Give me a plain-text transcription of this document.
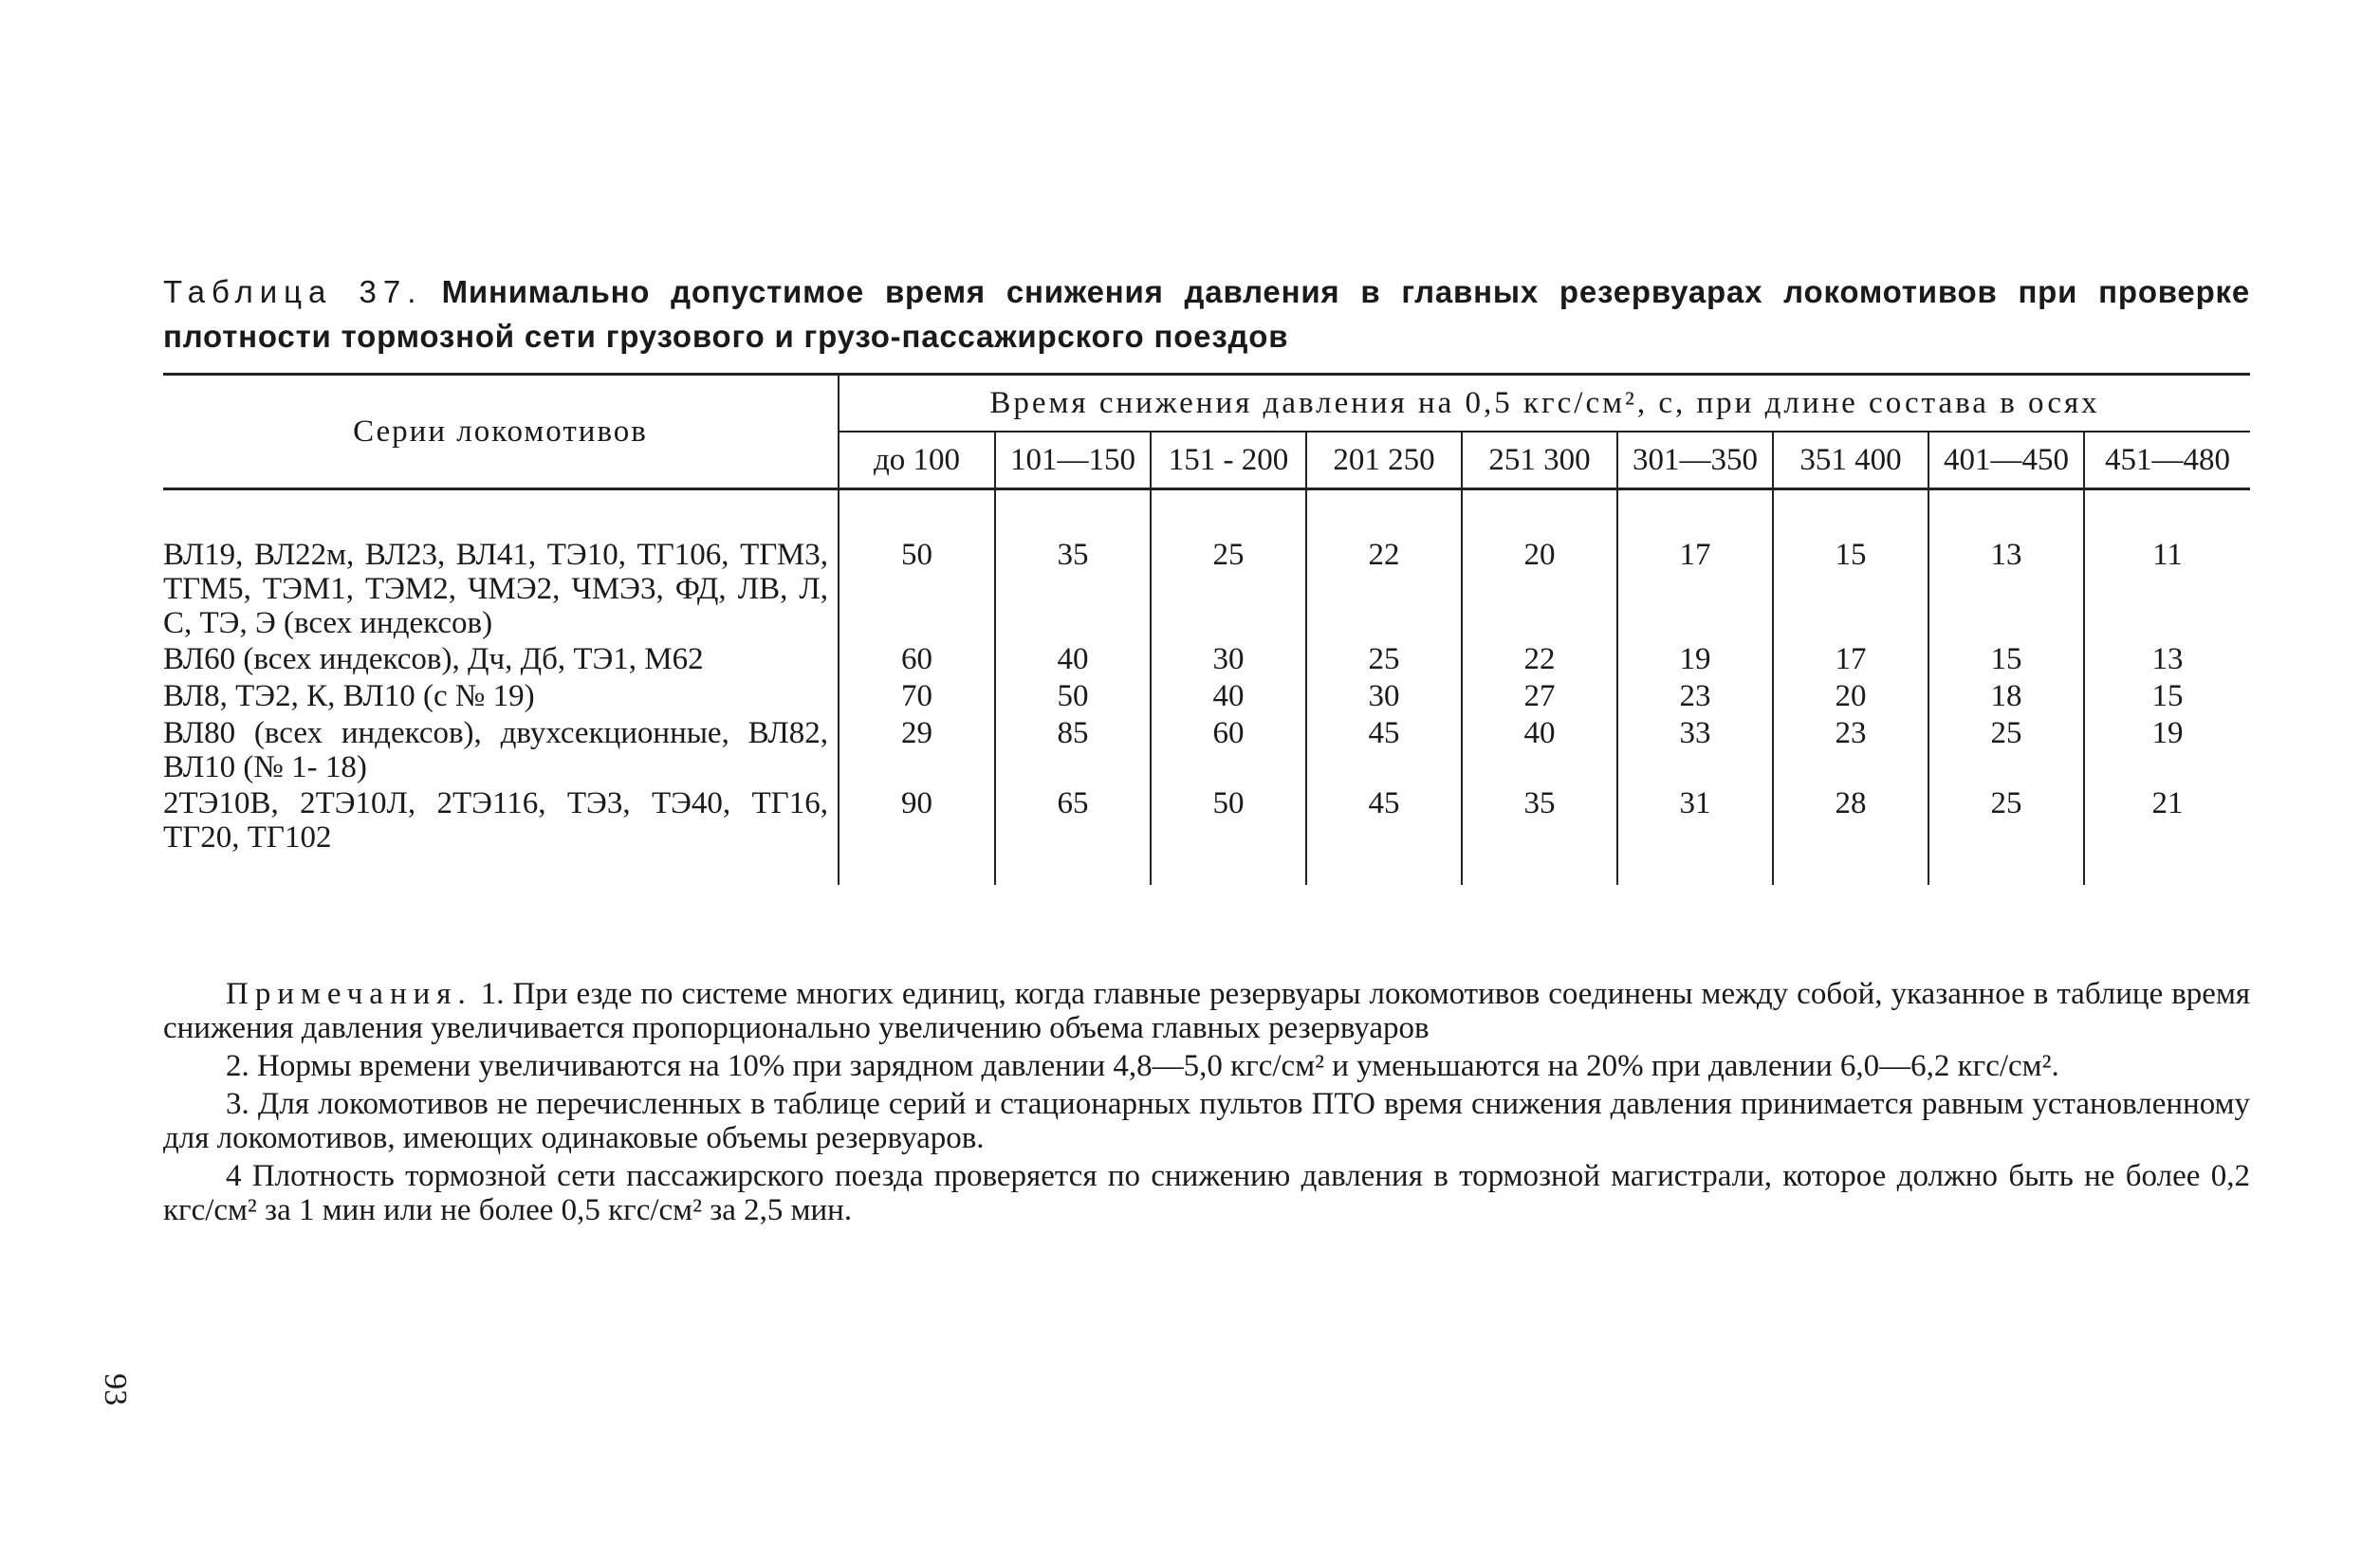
Таблица 37. Минимально допустимое время снижения давления в главных резервуарах локомотивов при проверке плотности тормозной сети грузового и грузо-пассажирского поездов
Серии локомотивов	Время снижения давления на 0,5 кгс/см², с, при длине состава в осях								
	до 100	101—150	151 - 200	201 250	251 300	301—350	351 400	401—450	451—480

ВЛ19, ВЛ22м, ВЛ23, ВЛ41, ТЭ10, ТГ106, ТГМ3, ТГМ5, ТЭМ1, ТЭМ2, ЧМЭ2, ЧМЭ3, ФД, ЛВ, Л, С, ТЭ, Э (всех индексов)	50	35	25	22	20	17	15	13	11
ВЛ60 (всех индексов), Дч, Дб, ТЭ1, М62	60	40	30	25	22	19	17	15	13
ВЛ8, ТЭ2, К, ВЛ10 (с № 19)	70	50	40	30	27	23	20	18	15
ВЛ80 (всех индексов), двухсекционные, ВЛ82, ВЛ10 (№ 1- 18)	29	85	60	45	40	33	23	25	19
2ТЭ10В, 2ТЭ10Л, 2ТЭ116, ТЭ3, ТЭ40, ТГ16, ТГ20, ТГ102	90	65	50	45	35	31	28	25	21

Примечания. 1. При езде по системе многих единиц, когда главные резервуары локомотивов соединены между собой, указанное в таблице время снижения давления увеличивается пропорционально увеличению объема главных резервуаров

2. Нормы времени увеличиваются на 10% при зарядном давлении 4,8—5,0 кгс/см² и уменьшаются на 20% при давлении 6,0—6,2 кгс/см².

3. Для локомотивов не перечисленных в таблице серий и стационарных пультов ПТО время снижения давления принимается равным установленному для локомотивов, имеющих одинаковые объемы резервуаров.

4 Плотность тормозной сети пассажирского поезда проверяется по снижению давления в тормозной магистрали, которое должно быть не более 0,2 кгс/см² за 1 мин или не более 0,5 кгс/см² за 2,5 мин.

93
